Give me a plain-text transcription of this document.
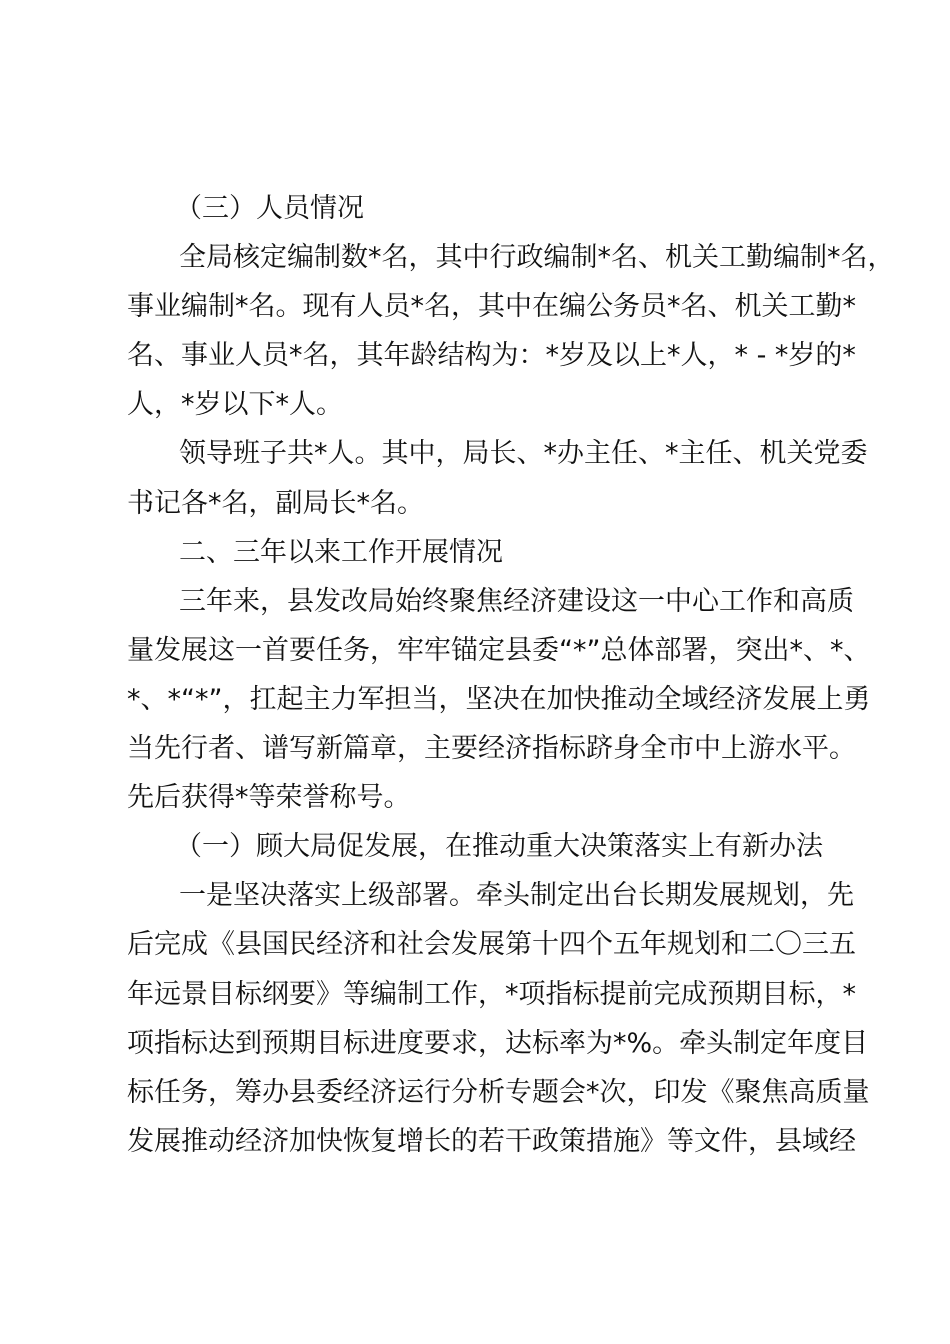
（三）人员情况
全局核定编制数*名，其中行政编制*名、机关工勤编制*名，
事业编制*名。现有人员*名，其中在编公务员*名、机关工勤*
名、事业人员*名，其年龄结构为：*岁及以上*人，* - *岁的*
人，*岁以下*人。
领导班子共*人。其中，局长、*办主任、*主任、机关党委
书记各*名，副局长*名。
二、三年以来工作开展情况
三年来，县发改局始终聚焦经济建设这一中心工作和高质
量发展这一首要任务，牢牢锚定县委“*”总体部署，突出*、*、
*、*“*”，扛起主力军担当，坚决在加快推动全域经济发展上勇
当先行者、谱写新篇章，主要经济指标跻身全市中上游水平。
先后获得*等荣誉称号。
（一）顾大局促发展，在推动重大决策落实上有新办法
一是坚决落实上级部署。牵头制定出台长期发展规划，先
后完成《县国民经济和社会发展第十四个五年规划和二〇三五
年远景目标纲要》等编制工作，*项指标提前完成预期目标，*
项指标达到预期目标进度要求，达标率为*%。牵头制定年度目
标任务，筹办县委经济运行分析专题会*次，印发《聚焦高质量
发展推动经济加快恢复增长的若干政策措施》等文件，县域经
